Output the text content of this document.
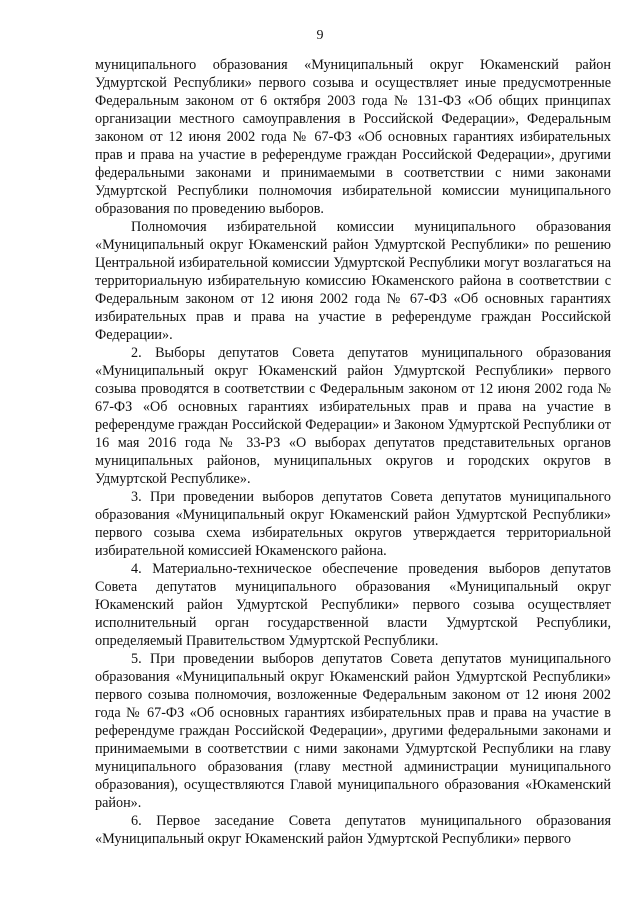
9

муниципального образования «Муниципальный округ Юкаменский район Удмуртской Республики» первого созыва и осуществляет иные предусмотренные Федеральным законом от 6 октября 2003 года № 131-ФЗ «Об общих принципах организации местного самоуправления в Российской Федерации», Федеральным законом от 12 июня 2002 года № 67-ФЗ «Об основных гарантиях избирательных прав и права на участие в референдуме граждан Российской Федерации», другими федеральными законами и принимаемыми в соответствии с ними законами Удмуртской Республики полномочия избирательной комиссии муниципального образования по проведению выборов.

Полномочия избирательной комиссии муниципального образования «Муниципальный округ Юкаменский район Удмуртской Республики» по решению Центральной избирательной комиссии Удмуртской Республики могут возлагаться на территориальную избирательную комиссию Юкаменского района в соответствии с Федеральным законом от 12 июня 2002 года № 67-ФЗ «Об основных гарантиях избирательных прав и права на участие в референдуме граждан Российской Федерации».

2. Выборы депутатов Совета депутатов муниципального образования «Муниципальный округ Юкаменский район Удмуртской Республики» первого созыва проводятся в соответствии с Федеральным законом от 12 июня 2002 года № 67-ФЗ «Об основных гарантиях избирательных прав и права на участие в референдуме граждан Российской Федерации» и Законом Удмуртской Республики от 16 мая 2016 года № 33-РЗ «О выборах депутатов представительных органов муниципальных районов, муниципальных округов и городских округов в Удмуртской Республике».

3. При проведении выборов депутатов Совета депутатов муниципального образования «Муниципальный округ Юкаменский район Удмуртской Республики» первого созыва схема избирательных округов утверждается территориальной избирательной комиссией Юкаменского района.

4. Материально-техническое обеспечение проведения выборов депутатов Совета депутатов муниципального образования «Муниципальный округ Юкаменский район Удмуртской Республики» первого созыва осуществляет исполнительный орган государственной власти Удмуртской Республики, определяемый Правительством Удмуртской Республики.

5. При проведении выборов депутатов Совета депутатов муниципального образования «Муниципальный округ Юкаменский район Удмуртской Республики» первого созыва полномочия, возложенные Федеральным законом от 12 июня 2002 года № 67-ФЗ «Об основных гарантиях избирательных прав и права на участие в референдуме граждан Российской Федерации», другими федеральными законами и принимаемыми в соответствии с ними законами Удмуртской Республики на главу муниципального образования (главу местной администрации муниципального образования), осуществляются Главой муниципального образования «Юкаменский район».

6. Первое заседание Совета депутатов муниципального образования «Муниципальный округ Юкаменский район Удмуртской Республики» первого
